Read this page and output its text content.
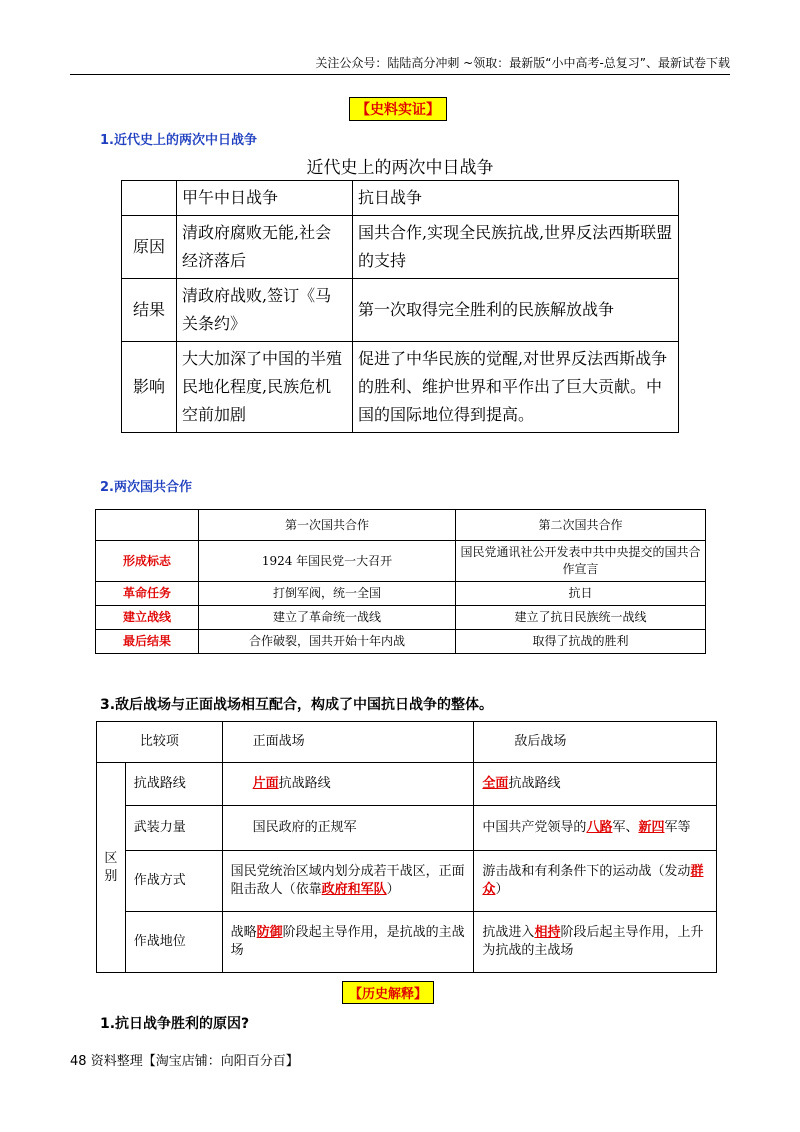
关注公众号：陆陆高分冲刺 ~领取：最新版“小中高考-总复习”、最新试卷下载
【史料实证】
1.近代史上的两次中日战争
近代史上的两次中日战争
	甲午中日战争	抗日战争
原因	清政府腐败无能,社会经济落后	国共合作,实现全民族抗战,世界反法西斯联盟的支持
结果	清政府战败,签订《马关条约》	第一次取得完全胜利的民族解放战争
影响	大大加深了中国的半殖民地化程度,民族危机空前加剧	促进了中华民族的觉醒,对世界反法西斯战争的胜利、维护世界和平作出了巨大贡献。中国的国际地位得到提高。
2.两次国共合作
	第一次国共合作	第二次国共合作
形成标志	1924 年国民党一大召开	国民党通讯社公开发表中共中央提交的国共合作宣言
革命任务	打倒军阀，统一全国	抗日
建立战线	建立了革命统一战线	建立了抗日民族统一战线
最后结果	合作破裂，国共开始十年内战	取得了抗战的胜利
3.敌后战场与正面战场相互配合，构成了中国抗日战争的整体。
比较项		正面战场	敌后战场
区别	抗战路线	片面抗战路线	全面抗战路线
	武装力量	国民政府的正规军	中国共产党领导的八路军、新四军等
	作战方式	国民党统治区域内划分成若干战区，正面阻击敌人（依靠政府和军队）	游击战和有利条件下的运动战（发动群众）
	作战地位	战略防御阶段起主导作用，是抗战的主战场	抗战进入相持阶段后起主导作用，上升为抗战的主战场
【历史解释】
1.抗日战争胜利的原因?
48 资料整理【淘宝店铺：向阳百分百】
